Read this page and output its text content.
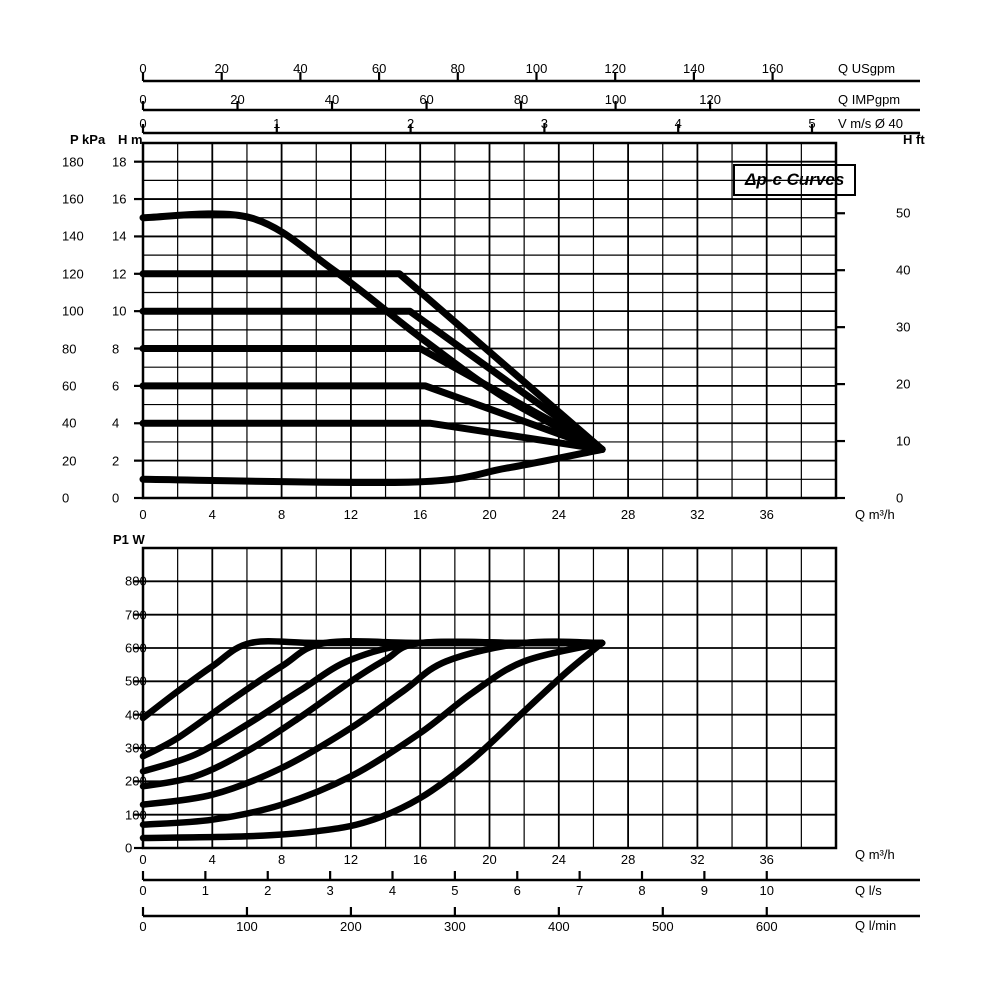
Q USgpm
Q IMPgpm
V m/s Ø 40
P kPa H m	H ft
P1 W
Q m³/h
Q m³/h
Q l/s
Q l/min
Δp-c Curves
0	20	40	60	80	100	120	140	160
0	20	40	60	80	100	120
0	1	2	3	4	5
0	4	8	12	16	20	24	28	32	36
0
20
40
60
80
100
120
140
160
180
0
2
4
6
8
10
12
14
16
18
0
10
20
30
40
50
0
100
200
300
400
500
600
700
800
0	4	8	12	16	20	24	28	32	36
0	1	2	3	4	5	6	7	8	9	10
0	100	200	300	400	500	600
